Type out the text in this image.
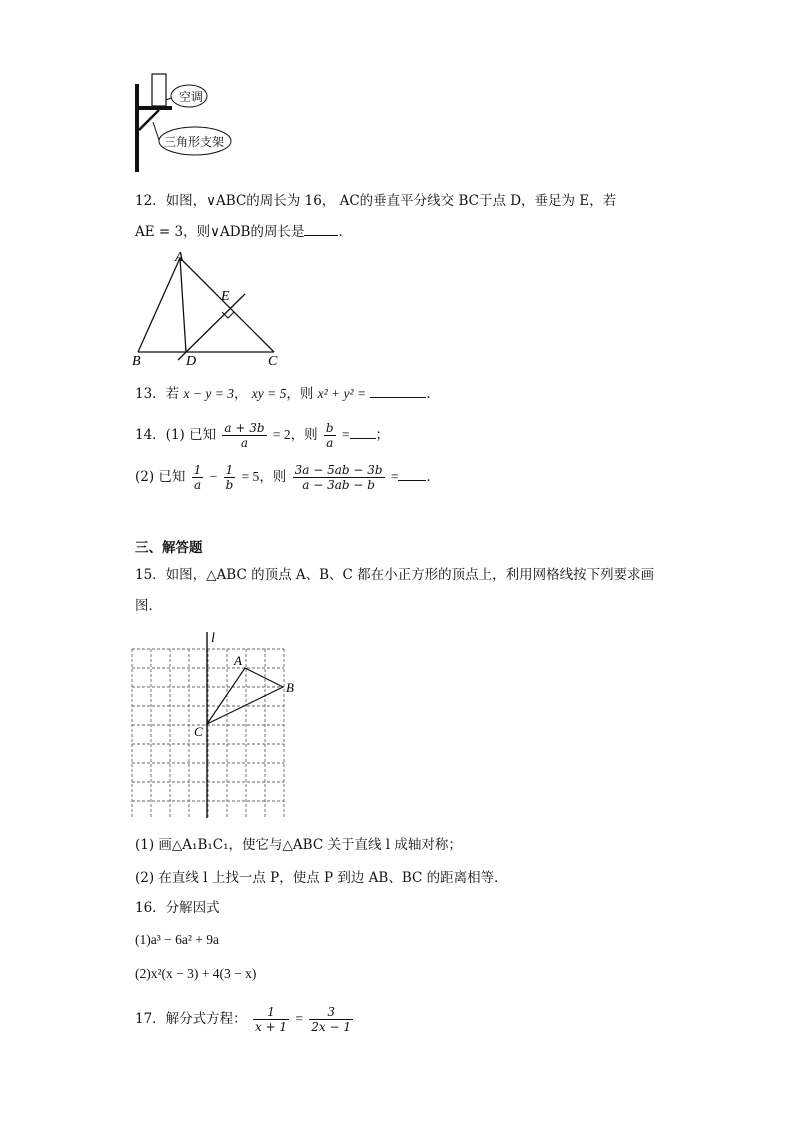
空调
三角形支架
12．如图，∨ABC的周长为 16， AC的垂直平分线交 BC于点 D，垂足为 E，若
AE = 3，则∨ADB的周长是	．
A
B	C
D
E
13．若 x − y = 3， xy = 5，则 x² + y² =	．
14．(1) 已知 $\frac{a + 3b}{a} = 2$，则 $\frac{b}{a}$ = ；
(2) 已知 $\frac{1}{a} - \frac{1}{b} = 5$，则 $\frac{3a - 5ab - 3b}{a - 3ab - b}$ = ．
三、解答题
15．如图，△ABC 的顶点 A、B、C 都在小正方形的顶点上，利用网格线按下列要求画
图．
l
A
B
C
(1) 画△A₁B₁C₁，使它与△ABC 关于直线 l 成轴对称；
(2) 在直线 l 上找一点 P，使点 P 到边 AB、BC 的距离相等．
16．分解因式
(1)a³ − 6a² + 9a
(2)x²(x − 3) + 4(3 − x)
17．解分式方程： $\frac{1}{x + 1} = \frac{3}{2x - 1}$
